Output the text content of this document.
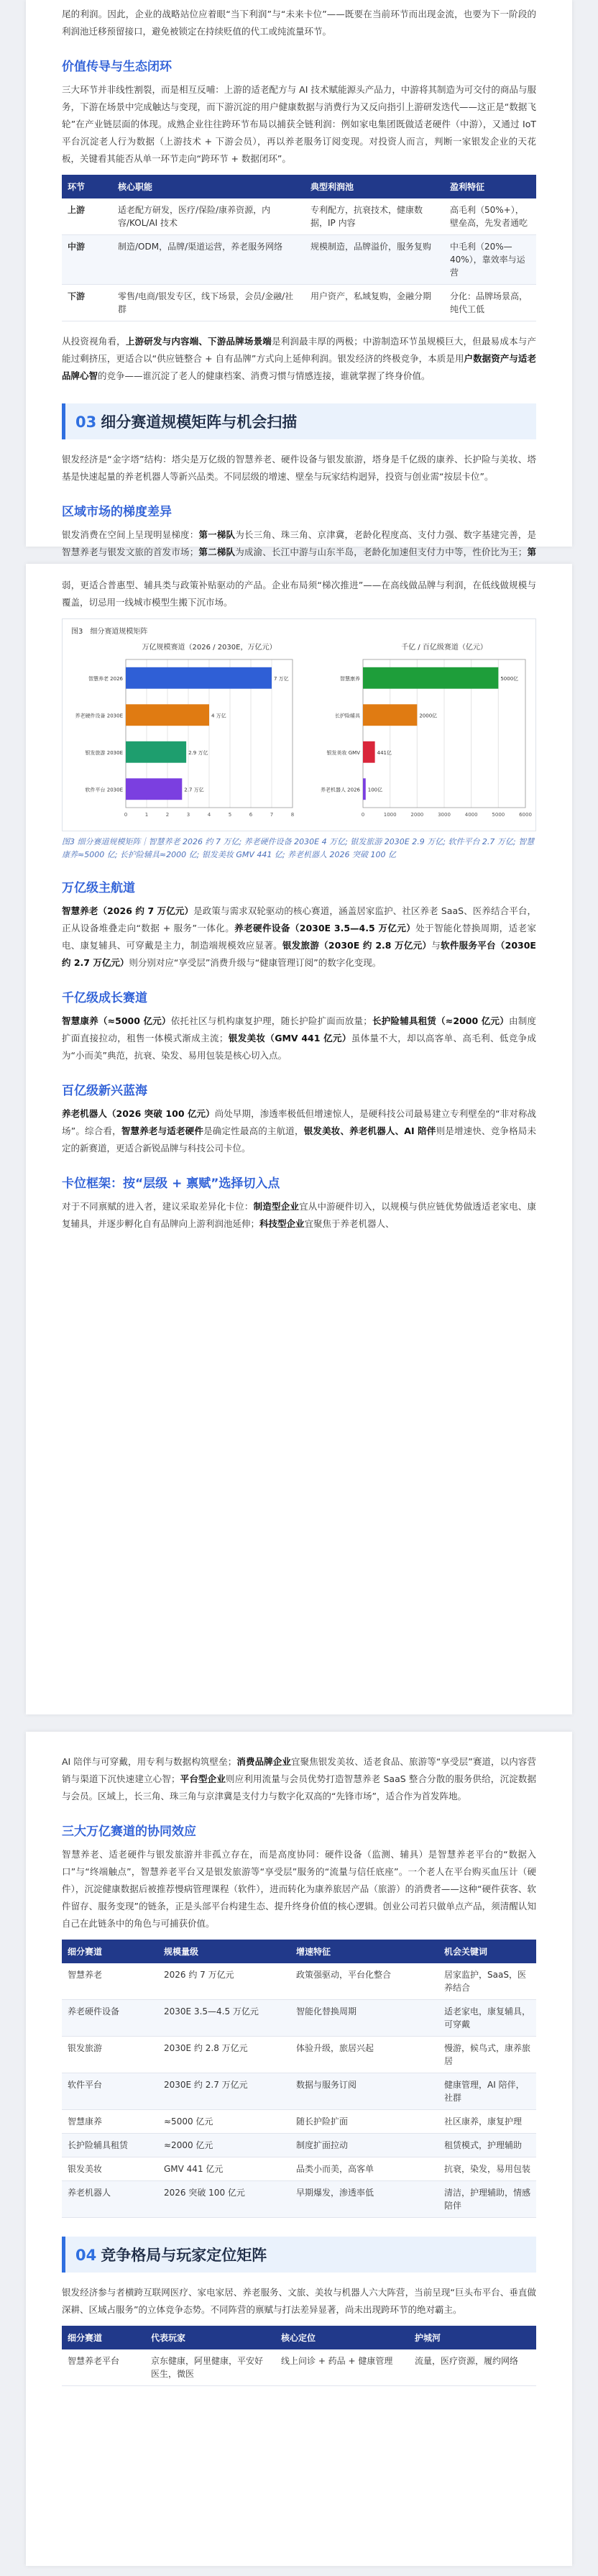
尾的利润。因此，企业的战略站位应着眼“当下利润”与“未来卡位”——既要在当前环节而出现金流，也要为下一阶段的利润池迁移预留接口，避免被锁定在持续贬值的代工或纯流量环节。

价值传导与生态闭环

三大环节并非线性割裂，而是相互反哺：上游的适老配方与 AI 技术赋能源头产品力，中游将其制造为可交付的商品与服务，下游在场景中完成触达与变现，而下游沉淀的用户健康数据与消费行为又反向指引上游研发迭代——这正是“数据飞轮”在产业链层面的体现。成熟企业往往跨环节布局以捕获全链利润：例如家电集团既做适老硬件（中游），又通过 IoT 平台沉淀老人行为数据（上游技术 + 下游会员），再以养老服务订阅变现。对投资人而言，判断一家银发企业的天花板，关键看其能否从单一环节走向“跨环节 + 数据闭环”。

环节	核心职能	典型利润池	盈利特征
上游	适老配方研发，医疗/保险/康养资源，内容/KOL/AI 技术	专利配方，抗衰技术，健康数据，IP 内容	高毛利（50%+），壁垒高，先发者通吃
中游	制造/ODM，品牌/渠道运营，养老服务网络	规模制造，品牌溢价，服务复购	中毛利（20%—40%），靠效率与运营
下游	零售/电商/银发专区，线下场景，会员/金融/社群	用户资产，私域复购，金融分期	分化：品牌场景高，纯代工低

从投资视角看，上游研发与内容端、下游品牌场景端是利润最丰厚的两极；中游制造环节虽规模巨大，但最易成本与产能过剩挤压，更适合以“供应链整合 + 自有品牌”方式向上延伸利润。银发经济的终极竞争，本质是用户数据资产与适老品牌心智的竞争——谁沉淀了老人的健康档案、消费习惯与情感连接，谁就掌握了终身价值。

03 细分赛道规模矩阵与机会扫描

银发经济是“金字塔”结构：塔尖是万亿级的智慧养老、硬件设备与银发旅游，塔身是千亿级的康养、长护险与美妆、塔基是快速起量的养老机器人等新兴品类。不同层级的增速、壁垒与玩家结构迥异，投资与创业需“按层卡位”。

区域市场的梯度差异

银发消费在空间上呈现明显梯度：第一梯队为长三角、珠三角、京津冀，老龄化程度高、支付力强、数字基建完善，是智慧养老与银发文旅的首发市场；第二梯队为成渝、长江中游与山东半岛，老龄化加速但支付力中等，性价比为王；第

弱，更适合普惠型、辅具类与政策补贴驱动的产品。企业布局须“梯次推进”——在高线做品牌与利润，在低线做规模与覆盖，切忌用一线城市模型生搬下沉市场。

图3　细分赛道规模矩阵
万亿规模赛道（2026 / 2030E，万亿元）
0	1	2	3	4	5	6	7	8
智慧养老 2026	7 万亿
养老硬件设备 2030E	4 万亿
银发旅游 2030E	2.9 万亿
软件平台 2030E	2.7 万亿
千亿 / 百亿级赛道（亿元）
0	1000	2000	3000	4000	5000	6000
智慧康养	5000亿
长护险辅具	2000亿
银发美妆 GMV	441亿
养老机器人 2026 100亿
图3 细分赛道规模矩阵｜智慧养老 2026 约 7 万亿; 养老硬件设备 2030E 4 万亿; 银发旅游 2030E 2.9 万亿; 软件平台 2.7 万亿; 智慧康养≈5000 亿; 长护险辅具≈2000 亿; 银发美妆 GMV 441 亿; 养老机器人 2026 突破 100 亿
万亿级主航道

智慧养老（2026 约 7 万亿元）是政策与需求双轮驱动的核心赛道，涵盖居家监护、社区养老 SaaS、医养结合平台，正从设备堆叠走向“数据 + 服务”一体化。养老硬件设备（2030E 3.5—4.5 万亿元）处于智能化替换周期，适老家电、康复辅具、可穿戴是主力，制造端规模效应显著。银发旅游（2030E 约 2.8 万亿元）与软件服务平台（2030E 约 2.7 万亿元）则分别对应“享受层”消费升级与“健康管理订阅”的数字化变现。

千亿级成长赛道

智慧康养（≈5000 亿元）依托社区与机构康复护理，随长护险扩面而放量；长护险辅具租赁（≈2000 亿元）由制度扩面直接拉动，租售一体模式渐成主流；银发美妆（GMV 441 亿元）虽体量不大，却以高客单、高毛利、低竞争成为“小而美”典范，抗衰、染发、易用包装是核心切入点。

百亿级新兴蓝海

养老机器人（2026 突破 100 亿元）尚处早期，渗透率极低但增速惊人，是硬科技公司最易建立专利壁垒的“非对称战场”。综合看，智慧养老与适老硬件是确定性最高的主航道，银发美妆、养老机器人、AI 陪伴则是增速快、竞争格局未定的新赛道，更适合新锐品牌与科技公司卡位。

卡位框架：按“层级 + 禀赋”选择切入点

对于不同禀赋的进入者，建议采取差异化卡位：制造型企业宜从中游硬件切入，以规模与供应链优势做透适老家电、康复辅具，并逐步孵化自有品牌向上游利润池延伸；科技型企业宜聚焦于养老机器人、

AI 陪伴与可穿戴，用专利与数据构筑壁垒；消费品牌企业宜聚焦银发美妆、适老食品、旅游等“享受层”赛道，以内容营销与渠道下沉快速建立心智；平台型企业则应利用流量与会员优势打造智慧养老 SaaS 整合分散的服务供给，沉淀数据与会员。区域上，长三角、珠三角与京津冀是支付力与数字化双高的“先锋市场”，适合作为首发阵地。

三大万亿赛道的协同效应

智慧养老、适老硬件与银发旅游并非孤立存在，而是高度协同：硬件设备（监测、辅具）是智慧养老平台的“数据入口”与“终端触点”，智慧养老平台又是银发旅游等“享受层”服务的“流量与信任底座”。一个老人在平台购买血压计（硬件），沉淀健康数据后被推荐慢病管理课程（软件），进而转化为康养旅居产品（旅游）的消费者——这种“硬件获客、软件留存、服务变现”的链条，正是头部平台构建生态、提升终身价值的核心逻辑。创业公司若只做单点产品，须清醒认知自己在此链条中的角色与可捕获价值。

细分赛道	规模量级	增速特征	机会关键词
智慧养老	2026 约 7 万亿元	政策强驱动，平台化整合	居家监护，SaaS，医养结合
养老硬件设备	2030E 3.5—4.5 万亿元	智能化替换周期	适老家电，康复辅具，可穿戴
银发旅游	2030E 约 2.8 万亿元	体验升级，旅居兴起	慢游，候鸟式，康养旅居
软件平台	2030E 约 2.7 万亿元	数据与服务订阅	健康管理，AI 陪伴，社群
智慧康养	≈5000 亿元	随长护险扩面	社区康养，康复护理
长护险辅具租赁	≈2000 亿元	制度扩面拉动	租赁模式，护理辅助
银发美妆	GMV 441 亿元	品类小而美，高客单	抗衰，染发，易用包装
养老机器人	2026 突破 100 亿元	早期爆发，渗透率低	清洁，护理辅助，情感陪伴
04 竞争格局与玩家定位矩阵

银发经济参与者横跨互联网医疗、家电家居、养老服务、文旅、美妆与机器人六大阵营，当前呈现“巨头布平台、垂直做深耕、区域占服务”的立体竞争态势。不同阵营的禀赋与打法差异显著，尚未出现跨环节的绝对霸主。

细分赛道	代表玩家	核心定位	护城河
智慧养老平台	京东健康，阿里健康，平安好医生，微医	线上问诊 + 药品 + 健康管理	流量，医疗资源，履约网络
